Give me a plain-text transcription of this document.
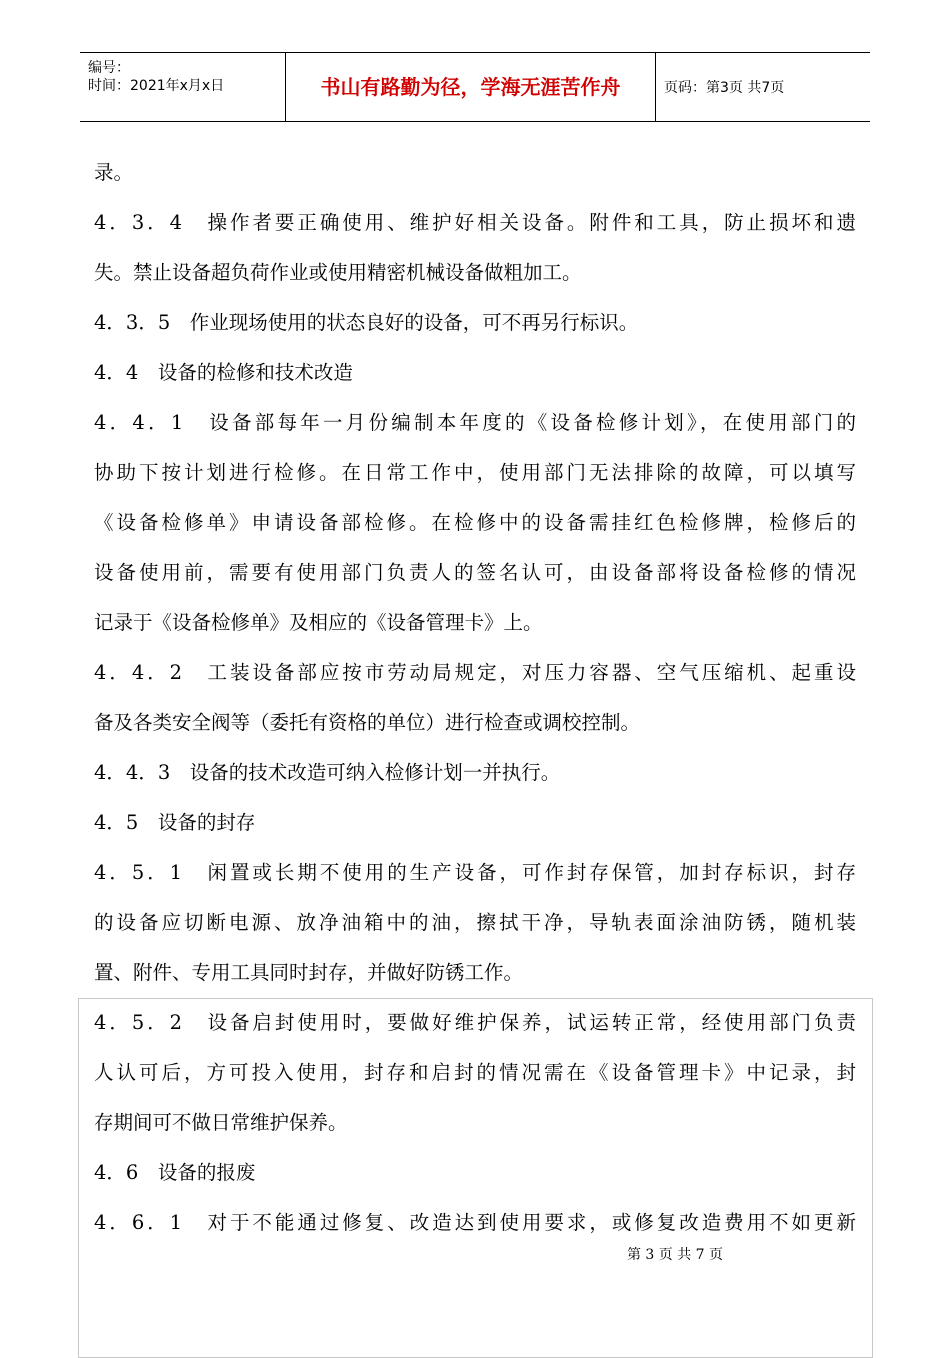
编号：
时间：2021年x月x日	书山有路勤为径，学海无涯苦作舟	页码：第3页 共7页
录。
4．3．4　操作者要正确使用、维护好相关设备。附件和工具，防止损坏和遗
失。禁止设备超负荷作业或使用精密机械设备做粗加工。
4．3．5　作业现场使用的状态良好的设备，可不再另行标识。
4．4　设备的检修和技术改造
4．4．1　设备部每年一月份编制本年度的《设备检修计划》，在使用部门的
协助下按计划进行检修。在日常工作中，使用部门无法排除的故障，可以填写
《设备检修单》申请设备部检修。在检修中的设备需挂红色检修牌，检修后的
设备使用前，需要有使用部门负责人的签名认可，由设备部将设备检修的情况
记录于《设备检修单》及相应的《设备管理卡》上。
4．4．2　工装设备部应按市劳动局规定，对压力容器、空气压缩机、起重设
备及各类安全阀等（委托有资格的单位）进行检查或调校控制。
4．4．3　设备的技术改造可纳入检修计划一并执行。
4．5　设备的封存
4．5．1　闲置或长期不使用的生产设备，可作封存保管，加封存标识，封存
的设备应切断电源、放净油箱中的油，擦拭干净，导轨表面涂油防锈，随机装
置、附件、专用工具同时封存，并做好防锈工作。
4．5．2　设备启封使用时，要做好维护保养，试运转正常，经使用部门负责
人认可后，方可投入使用，封存和启封的情况需在《设备管理卡》中记录，封
存期间可不做日常维护保养。
4．6　设备的报废
4．6．1　对于不能通过修复、改造达到使用要求，或修复改造费用不如更新
第 3 页 共 7 页
